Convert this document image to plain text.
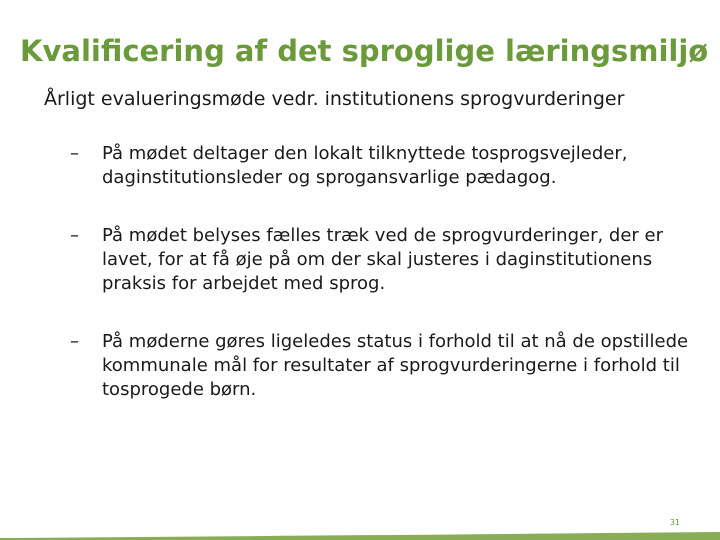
Kvalificering af det sproglige læringsmiljø

Årligt evalueringsmøde vedr. institutionens sprogvurderinger

– På mødet deltager den lokalt tilknyttede tosprogsvejleder, daginstitutionsleder og sprogansvarlige pædagog.
– På mødet belyses fælles træk ved de sprogvurderinger, der er lavet, for at få øje på om der skal justeres i daginstitutionens praksis for arbejdet med sprog.
– På møderne gøres ligeledes status i forhold til at nå de opstillede kommunale mål for resultater af sprogvurderingerne i forhold til tosprogede børn.
31
